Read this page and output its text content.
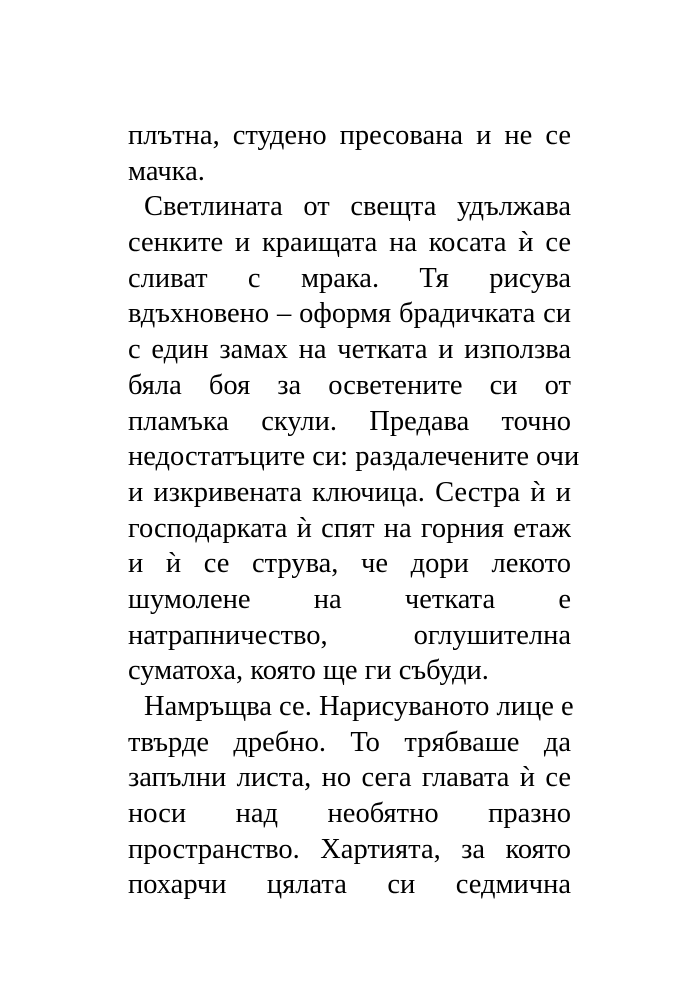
плътна, студено пресована и не се
мачка.
Светлината от свещта удължава
сенките и краищата на косата ѝ се
сливат с мрака. Тя рисува
вдъхновено – оформя брадичката си
с един замах на четката и използва
бяла боя за осветените си от
пламъка скули. Предава точно
недостатъците си: раздалечените очи
и изкривената ключица. Сестра ѝ и
господарката ѝ спят на горния етаж
и ѝ се струва, че дори лекото
шумолене на четката е
натрапничество, оглушителна
суматоха, която ще ги събуди.
Намръщва се. Нарисуваното лице е
твърде дребно. То трябваше да
запълни листа, но сега главата ѝ се
носи над необятно празно
пространство. Хартията, за която
похарчи цялата си седмична
